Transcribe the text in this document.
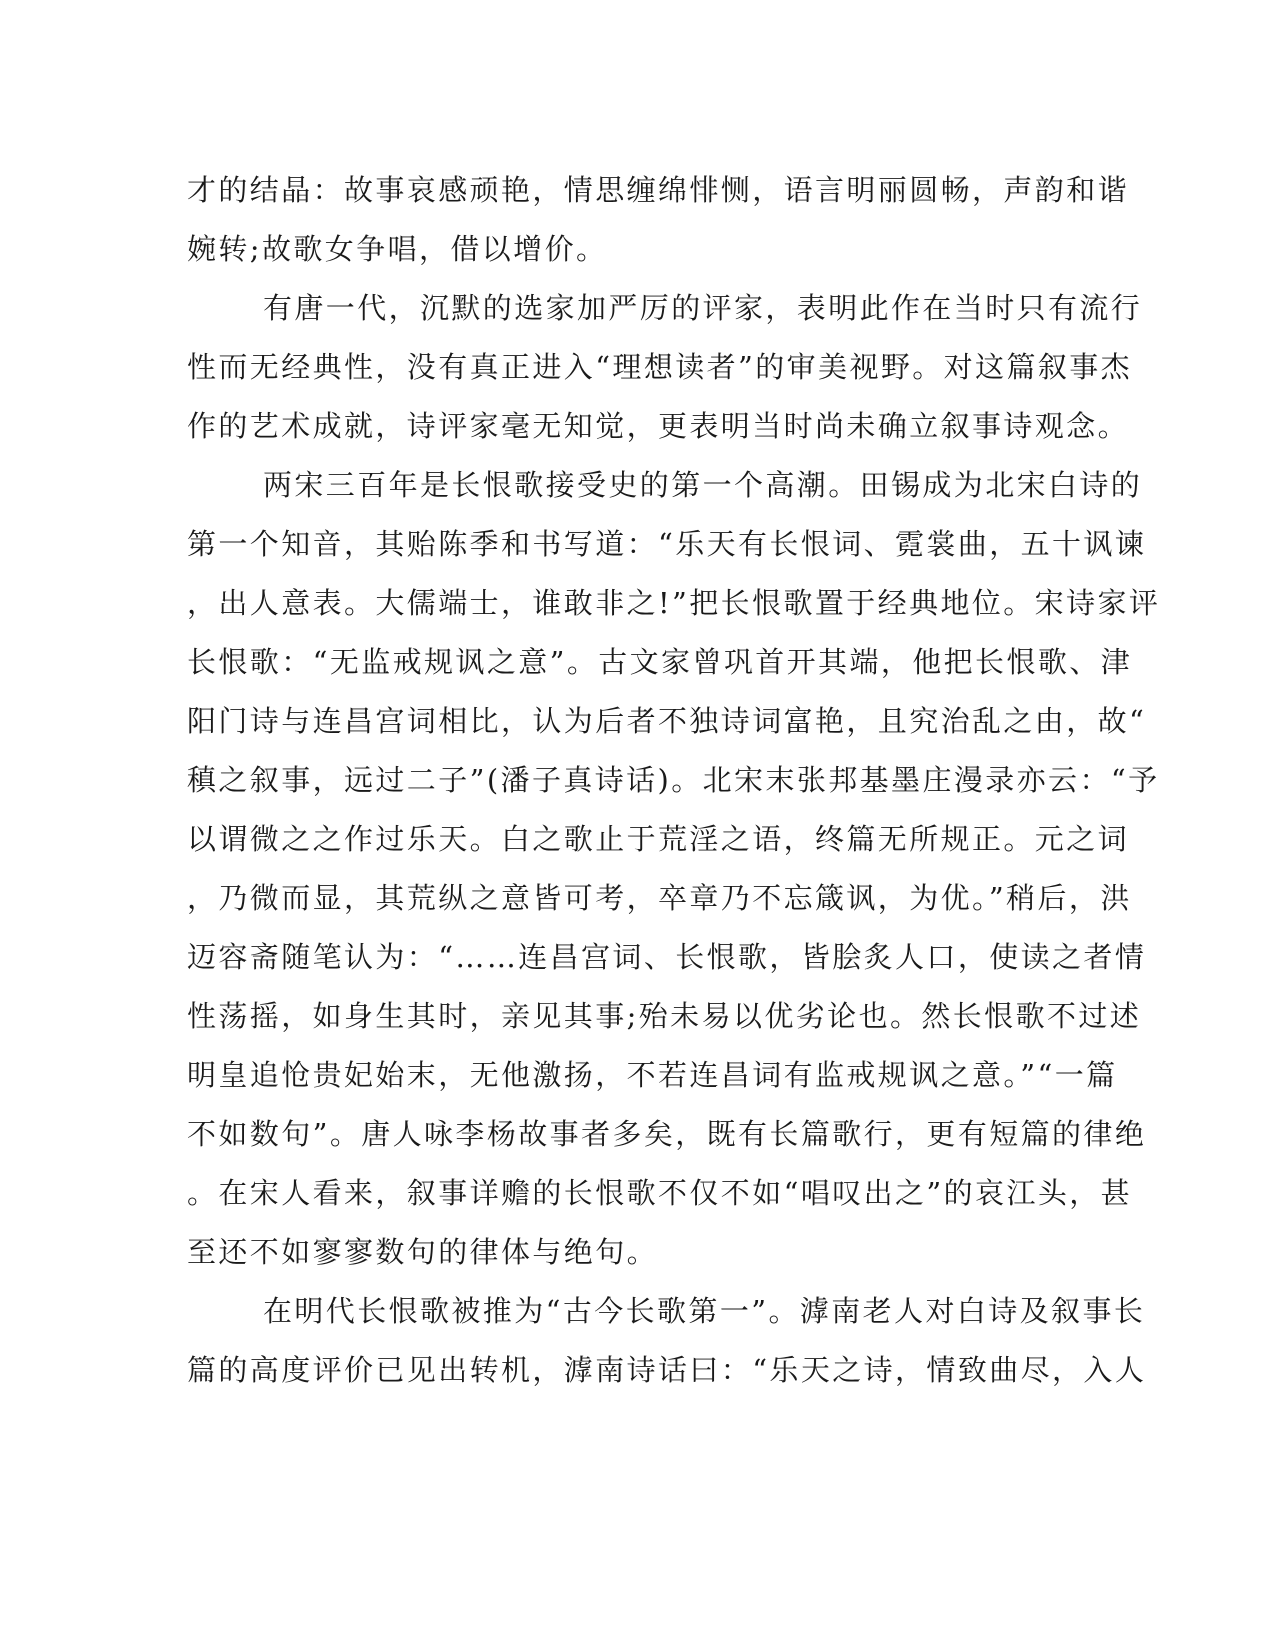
才的结晶：故事哀感顽艳，情思缠绵悱恻，语言明丽圆畅，声韵和谐
婉转;故歌女争唱，借以增价。
有唐一代，沉默的选家加严厉的评家，表明此作在当时只有流行
性而无经典性，没有真正进入“理想读者”的审美视野。对这篇叙事杰
作的艺术成就，诗评家毫无知觉，更表明当时尚未确立叙事诗观念。
两宋三百年是长恨歌接受史的第一个高潮。田锡成为北宋白诗的
第一个知音，其贻陈季和书写道：“乐天有长恨词、霓裳曲，五十讽谏
，出人意表。大儒端士，谁敢非之!”把长恨歌置于经典地位。宋诗家评
长恨歌：“无监戒规讽之意”。古文家曾巩首开其端，他把长恨歌、津
阳门诗与连昌宫词相比，认为后者不独诗词富艳，且究治乱之由，故“
稹之叙事，远过二子”(潘子真诗话)。北宋末张邦基墨庄漫录亦云：“予
以谓微之之作过乐天。白之歌止于荒淫之语，终篇无所规正。元之词
，乃微而显，其荒纵之意皆可考，卒章乃不忘箴讽，为优。”稍后，洪
迈容斋随笔认为：“……连昌宫词、长恨歌，皆脍炙人口，使读之者情
性荡摇，如身生其时，亲见其事;殆未易以优劣论也。然长恨歌不过述
明皇追怆贵妃始末，无他激扬，不若连昌词有监戒规讽之意。”“一篇
不如数句”。唐人咏李杨故事者多矣，既有长篇歌行，更有短篇的律绝
。在宋人看来，叙事详赡的长恨歌不仅不如“唱叹出之”的哀江头，甚
至还不如寥寥数句的律体与绝句。
在明代长恨歌被推为“古今长歌第一”。滹南老人对白诗及叙事长
篇的高度评价已见出转机，滹南诗话曰：“乐天之诗，情致曲尽，入人
